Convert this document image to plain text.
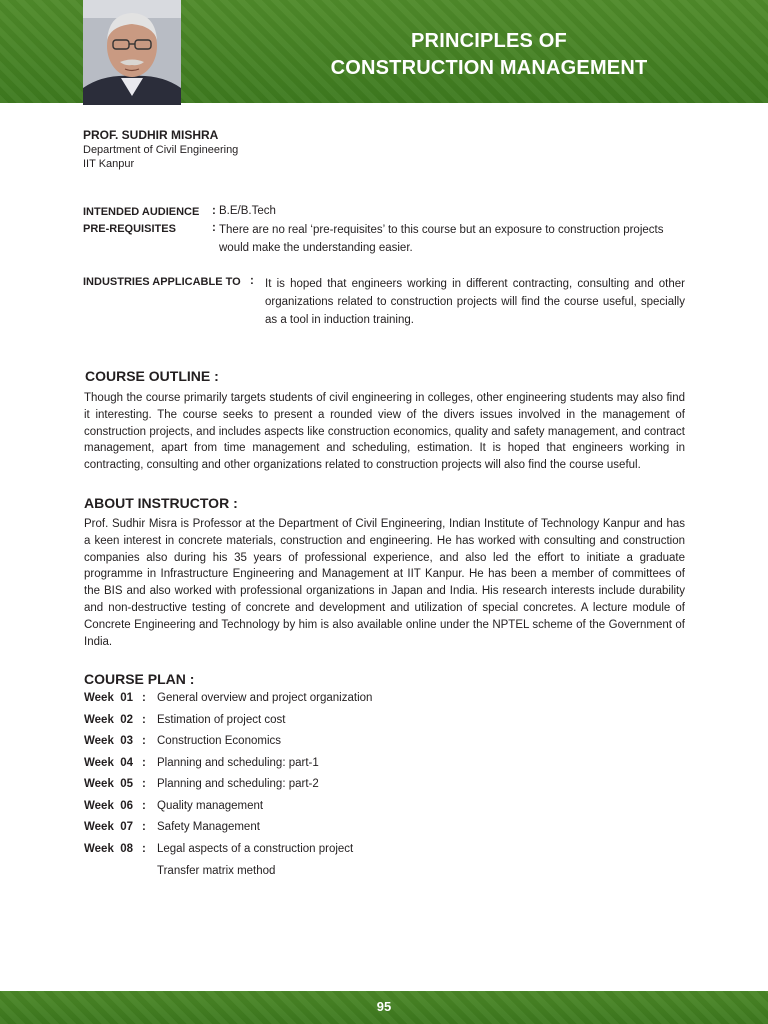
PRINCIPLES OF
CONSTRUCTION MANAGEMENT
PROF. SUDHIR MISHRA
Department of Civil Engineering
IIT Kanpur
INTENDED AUDIENCE : B.E/B.Tech
PRE-REQUISITES	: There are no real ‘pre-requisites’ to this course but an exposure to construction projects would make the understanding easier.
INDUSTRIES APPLICABLE TO : It is hoped that engineers working in different contracting, consulting and other organizations related to construction projects will find the course useful, specially as a tool in induction training.
COURSE OUTLINE :
Though the course primarily targets students of civil engineering in colleges, other engineering students may also find it interesting. The course seeks to present a rounded view of the divers issues involved in the management of construction projects, and includes aspects like construction economics, quality and safety management, and contract management, apart from time management and scheduling, estimation. It is hoped that engineers working in contracting, consulting and other organizations related to construction projects will also find the course useful.
ABOUT INSTRUCTOR :
Prof. Sudhir Misra is Professor at the Department of Civil Engineering, Indian Institute of Technology Kanpur and has a keen interest in concrete materials, construction and engineering. He has worked with consulting and construction companies also during his 35 years of professional experience, and also led the effort to initiate a graduate programme in Infrastructure Engineering and Management at IIT Kanpur. He has been a member of committees of the BIS and also worked with professional organizations in Japan and India. His research interests include durability and non-destructive testing of concrete and development and utilization of special concretes. A lecture module of Concrete Engineering and Technology by him is also available online under the NPTEL scheme of the Government of India.
COURSE PLAN :
Week  01 : General overview and project organization
Week  02 : Estimation of project cost
Week  03 : Construction Economics
Week  04 : Planning and scheduling: part-1
Week  05 : Planning and scheduling: part-2
Week  06 : Quality management
Week  07 : Safety Management
Week  08 : Legal aspects of a construction project
Transfer matrix method
95
